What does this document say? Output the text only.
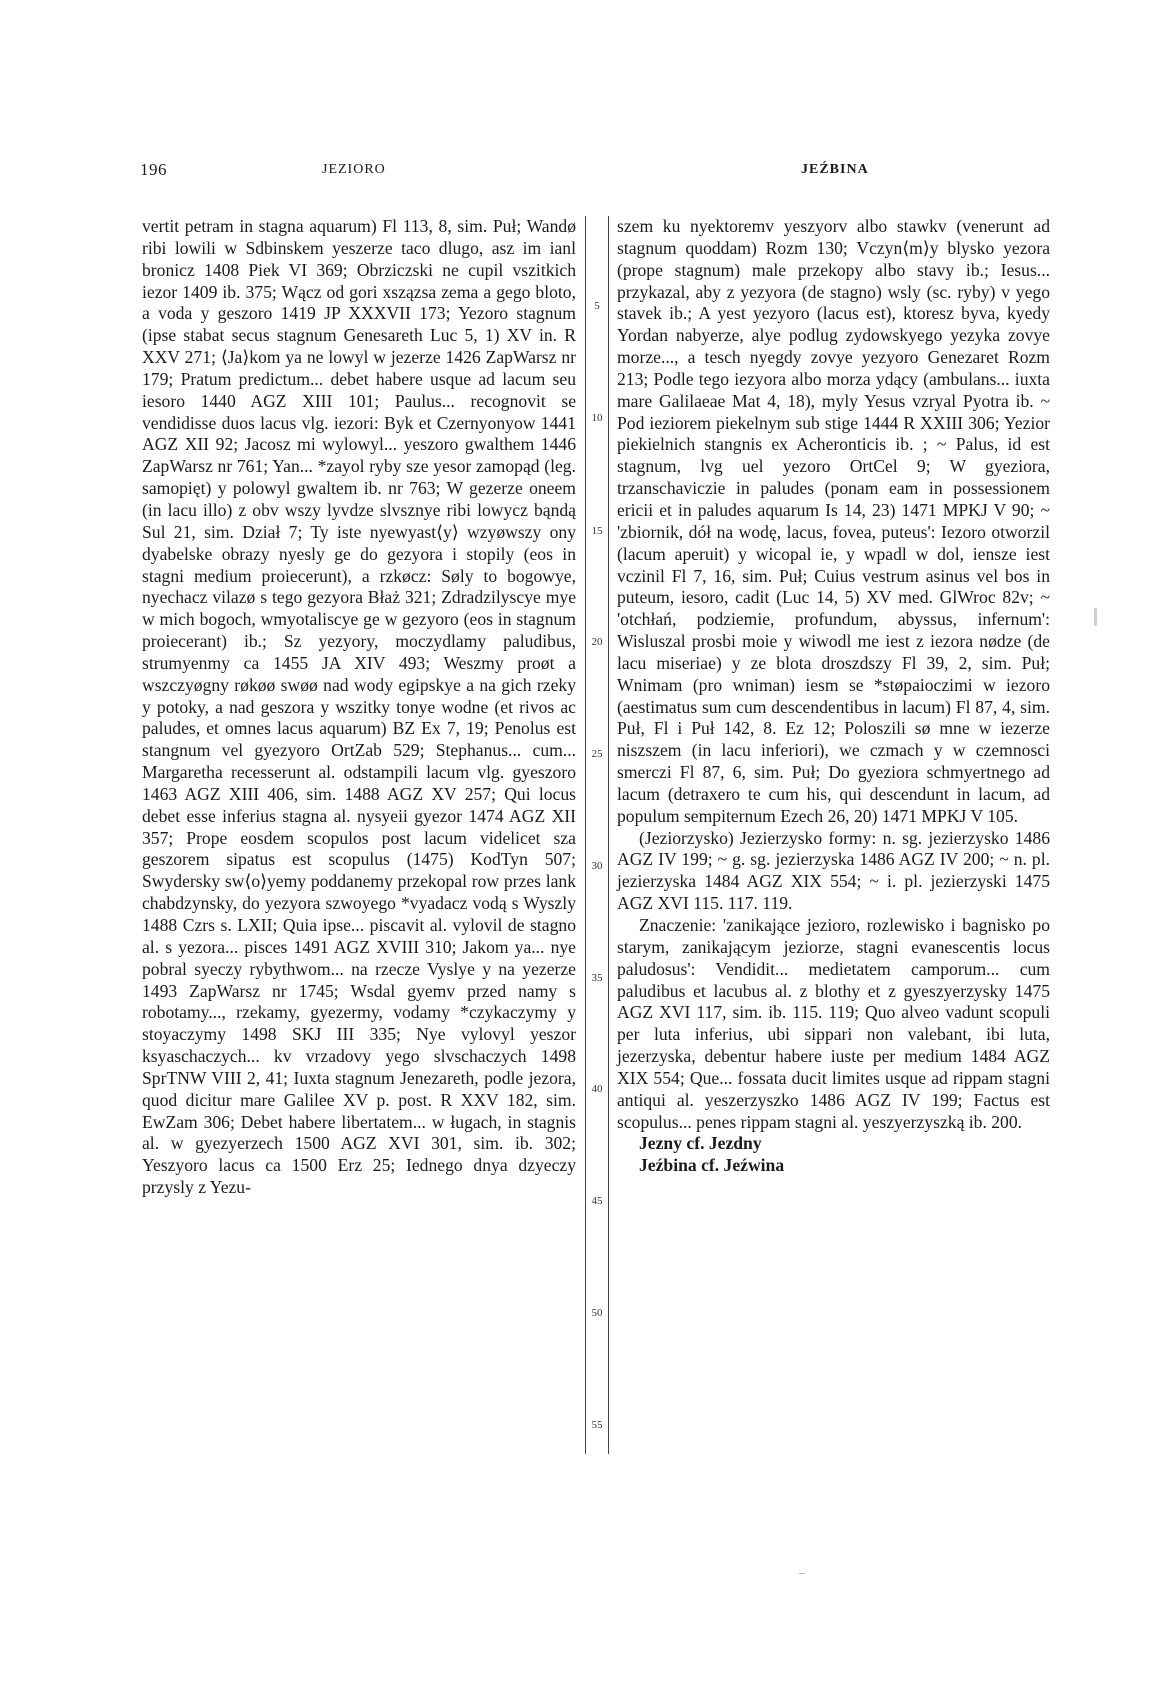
196	JEZIORO	JEŹBINA

vertit petram in stagna aquarum) Fl 113, 8, sim. Puł; Wandø ribi lowili w Sdbinskem yeszerze taco dlugo, asz im ianl bronicz 1408 Piek VI 369; Obrziczski ne cupil vszitkich iezor 1409 ib. 375; Wącz od gori xszązsa zema a gego bloto, a voda y geszoro 1419 JP XXXVII 173; Yezoro stagnum (ipse stabat secus stagnum Genesareth Luc 5, 1) XV in. R XXV 271; ⟨Ja⟩kom ya ne lowyl w jezerze 1426 ZapWarsz nr 179; Pratum predictum... debet habere usque ad lacum seu iesoro 1440 AGZ XIII 101; Paulus... recognovit se vendidisse duos lacus vlg. iezori: Byk et Czernyonyow 1441 AGZ XII 92; Jacosz mi wylowyl... yeszoro gwalthem 1446 ZapWarsz nr 761; Yan... *zayol ryby sze yesor zamopąd (leg. samopięt) y polowyl gwaltem ib. nr 763; W gezerze oneem (in lacu illo) z obv wszy lyvdze slvsznye ribi lowycz bąndą Sul 21, sim. Dział 7; Ty iste nyewyast⟨y⟩ wzyøwszy ony dyabelske obrazy nyesly ge do gezyora i stopily (eos in stagni medium proiecerunt), a rzkøcz: Søly to bogowye, nyechacz vilazø s tego gezyora Błaż 321; Zdradzilyscye mye w mich bogoch, wmyotaliscye ge w gezyoro (eos in stagnum proiecerant) ib.; Sz yezyory, moczydlamy paludibus, strumyenmy ca 1455 JA XIV 493; Weszmy proøt a wszczyøgny røkøø swøø nad wody egipskye a na gich rzeky y potoky, a nad geszora y wszitky tonye wodne (et rivos ac paludes, et omnes lacus aquarum) BZ Ex 7, 19; Penolus est stangnum vel gyezyoro OrtZab 529; Stephanus... cum... Margaretha recesserunt al. odstampili lacum vlg. gyeszoro 1463 AGZ XIII 406, sim. 1488 AGZ XV 257; Qui locus debet esse inferius stagna al. nysyeii gyezor 1474 AGZ XII 357; Prope eosdem scopulos post lacum videlicet sza geszorem sipatus est scopulus (1475) KodTyn 507; Swydersky sw⟨o⟩yemy poddanemy przekopal row przes lank chabdzynsky, do yezyora szwoyego *vyadacz vodą s Wyszly 1488 Czrs s. LXII; Quia ipse... piscavit al. vylovil de stagno al. s yezora... pisces 1491 AGZ XVIII 310; Jakom ya... nye pobral syeczy rybythwom... na rzecze Vyslye y na yezerze 1493 ZapWarsz nr 1745; Wsdal gyemv przed namy s robotamy..., rzekamy, gyezermy, vodamy *czykaczymy y stoyaczymy 1498 SKJ III 335; Nye vylovyl yeszor ksyaschaczych... kv vrzadovy yego slvschaczych 1498 SprTNW VIII 2, 41; Iuxta stagnum Jenezareth, podle jezora, quod dicitur mare Galilee XV p. post. R XXV 182, sim. EwZam 306; Debet habere libertatem... w ługach, in stagnis al. w gyezyerzech 1500 AGZ XVI 301, sim. ib. 302; Yeszyoro lacus ca 1500 Erz 25; Iednego dnya dzyeczy przysly z Yezu-

5
10
15
20
25
30
35
40
45
50
55

szem ku nyektoremv yeszyorv albo stawkv (venerunt ad stagnum quoddam) Rozm 130; Vczyn⟨m⟩y blysko yezora (prope stagnum) male przekopy albo stavy ib.; Iesus... przykazal, aby z yezyora (de stagno) wsly (sc. ryby) v yego stavek ib.; A yest yezyoro (lacus est), ktoresz byva, kyedy Yordan nabyerze, alye podlug zydowskyego yezyka zovye morze..., a tesch nyegdy zovye yezyoro Genezaret Rozm 213; Podle tego iezyora albo morza ydący (ambulans... iuxta mare Galilaeae Mat 4, 18), myly Yesus vzryal Pyotra ib. ~ Pod ieziorem piekelnym sub stige 1444 R XXIII 306; Yezior piekielnich stangnis ex Acheronticis ib. ; ~ Palus, id est stagnum, lvg uel yezoro OrtCel 9; W gyeziora, trzanschaviczie in paludes (ponam eam in possessionem ericii et in paludes aquarum Is 14, 23) 1471 MPKJ V 90; ~ 'zbiornik, dół na wodę, lacus, fovea, puteus': Iezoro otworzil (lacum aperuit) y wicopal ie, y wpadl w dol, iensze iest vczinil Fl 7, 16, sim. Puł; Cuius vestrum asinus vel bos in puteum, iesoro, cadit (Luc 14, 5) XV med. GlWroc 82v; ~ 'otchłań, podziemie, profundum, abyssus, infernum': Wisluszal prosbi moie y wiwodl me iest z iezora nødze (de lacu miseriae) y ze blota droszdszy Fl 39, 2, sim. Puł; Wnimam (pro wniman) iesm se *støpaioczimi w iezoro (aestimatus sum cum descendentibus in lacum) Fl 87, 4, sim. Puł, Fl i Puł 142, 8. Ez 12; Poloszili sø mne w iezerze niszszem (in lacu inferiori), we czmach y w czemnosci smerczi Fl 87, 6, sim. Puł; Do gyeziora schmyertnego ad lacum (detraxero te cum his, qui descendunt in lacum, ad populum sempiternum Ezech 26, 20) 1471 MPKJ V 105.

(Jeziorzysko) Jezierzysko formy: n. sg. jezierzysko 1486 AGZ IV 199; ~ g. sg. jezierzyska 1486 AGZ IV 200; ~ n. pl. jezierzyska 1484 AGZ XIX 554; ~ i. pl. jezierzyski 1475 AGZ XVI 115. 117. 119.

Znaczenie: 'zanikające jezioro, rozlewisko i bagnisko po starym, zanikającym jeziorze, stagni evanescentis locus paludosus': Vendidit... medietatem camporum... cum paludibus et lacubus al. z blothy et z gyeszyerzysky 1475 AGZ XVI 117, sim. ib. 115. 119; Quo alveo vadunt scopuli per luta inferius, ubi sippari non valebant, ibi luta, jezerzyska, debentur habere iuste per medium 1484 AGZ XIX 554; Que... fossata ducit limites usque ad rippam stagni antiqui al. yeszerzyszko 1486 AGZ IV 199; Factus est scopulus... penes rippam stagni al. yeszyerzyszką ib. 200.

Jezny cf. Jezdny

Jeźbina cf. Jeźwina
